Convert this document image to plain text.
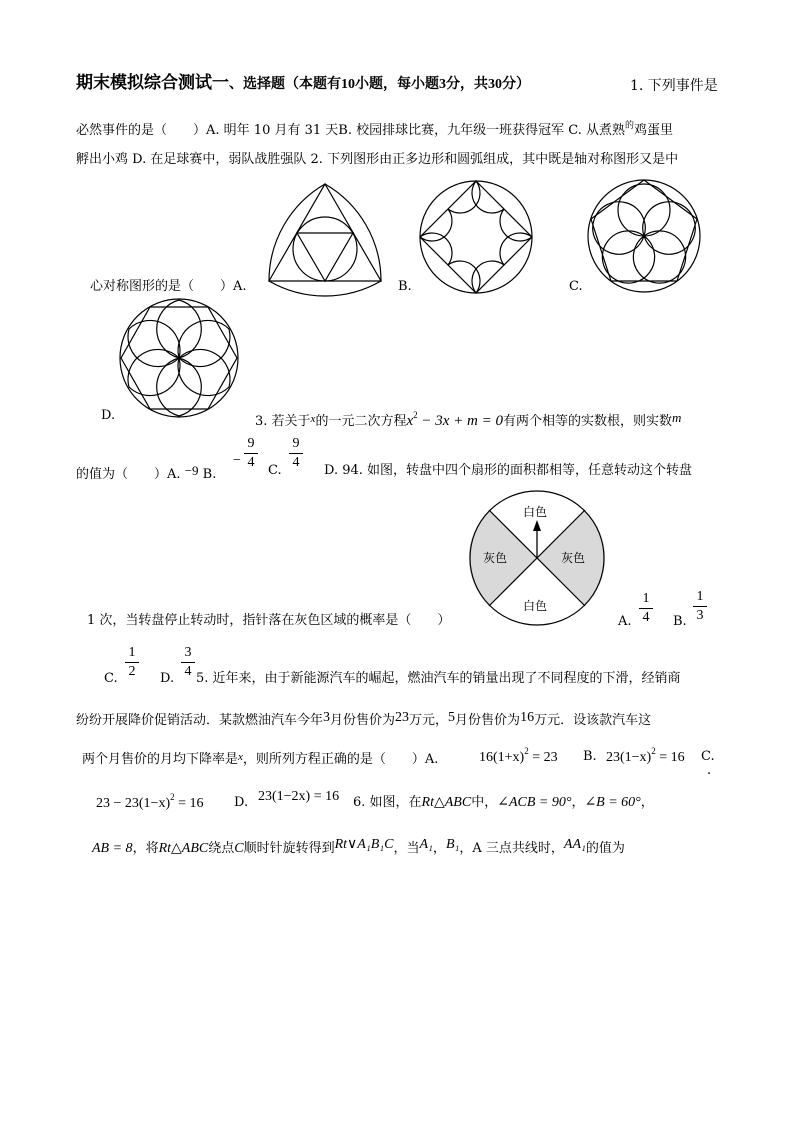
期末模拟综合测试一、选择题（本题有10小题，每小题3分，共30分）	1. 下列事件是
必然事件的是（　　）A. 明年 10 月有 31 天B. 校园排球比赛，九年级一班获得冠军 C. 从煮熟$^的$鸡蛋里
孵出小鸡 D. 在足球赛中，弱队战胜强队 2. 下列图形由正多边形和圆弧组成，其中既是轴对称图形又是中
心对称图形的是（　　）A.	B.	C.
D.	3. 若关于$^x$的一元二次方程$x^2 - 3x + m = 0$有两个相等的实数根，则实数m
的值为（　　）A. −9 B.
−
9
4
C.
9
4
D. 94. 如图，转盘中四个扇形的面积都相等，任意转动这个转盘
白色
灰色	灰色
白色
1 次，当转盘停止转动时，指针落在灰色区域的概率是（　　）	A.
1
4 B.
1
3
C.
1
2 D.
3
4 5. 近年来，由于新能源汽车的崛起，燃油汽车的销量出现了不同程度的下滑，经销商
纷纷开展降价促销活动．某款燃油汽车今年3月份售价为23万元，5月份售价为16万元．设该款汽车这
两个月售价的月均下降率是$^x$，则所列方程正确的是（　　）A.	$16(1+x)^2 = 23$ B. $23(1-x)^2 = 16$ C.
.
$23 - 23(1-x)^2 = 16$ D. 23(1−2x) = 16 6. 如图，在Rt△ABC中，∠ACB = 90°，∠B = 60°，
AB = 8，将Rt△ABC绕点C顺时针旋转得到Rt∨A₁B₁C，当A₁，B₁，A 三点共线时，AA₁的值为
